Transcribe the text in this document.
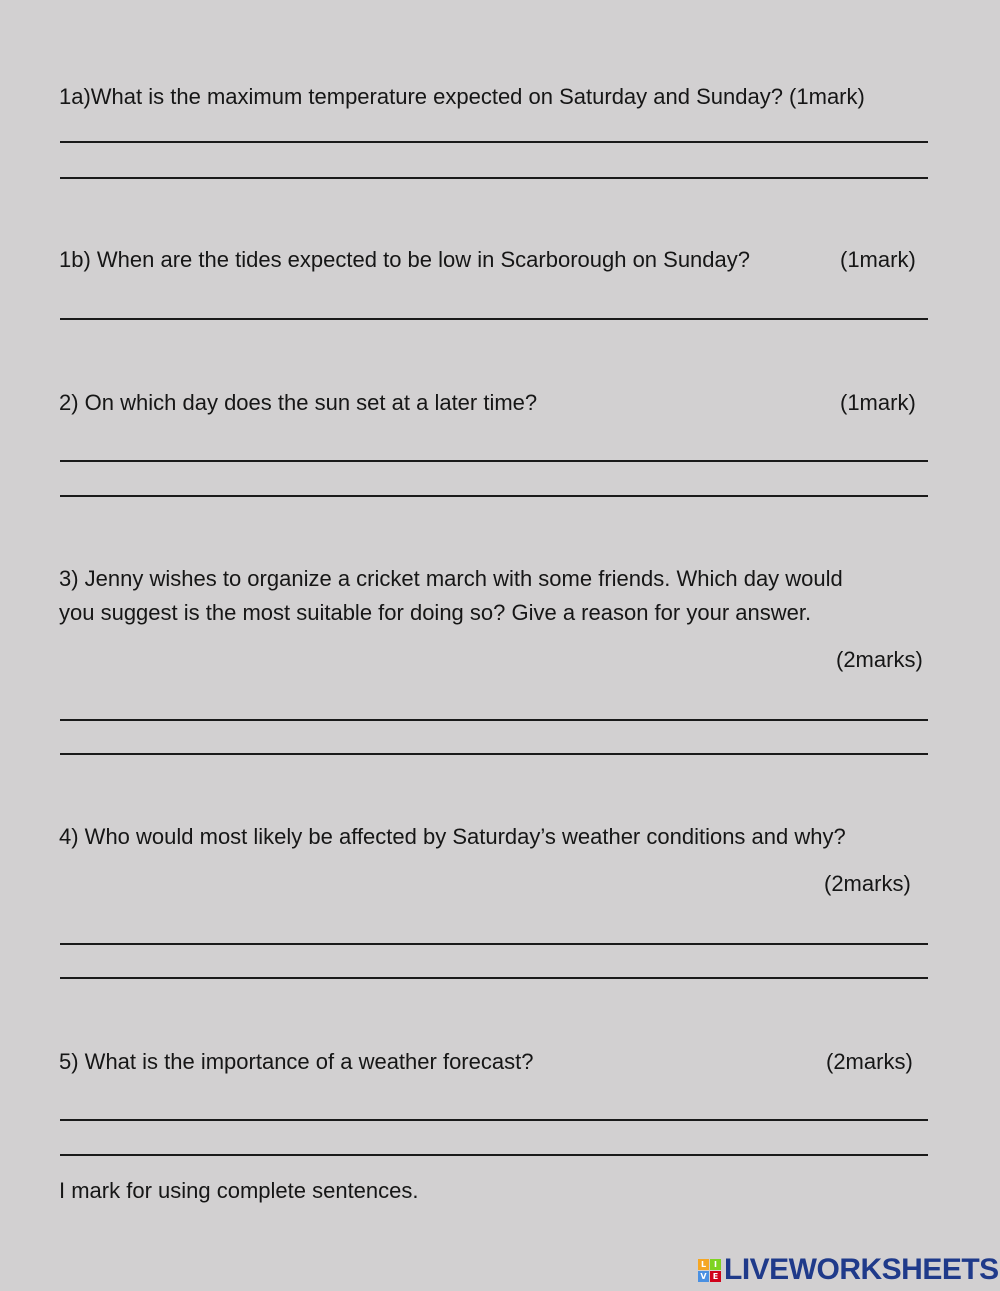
1a)What is the maximum temperature expected on Saturday and Sunday? (1mark)
1b) When are the tides expected to be low in Scarborough on Sunday?	(1mark)
2) On which day does the sun set at a later time?	(1mark)
3) Jenny wishes to organize a cricket march with some friends. Which day would
you suggest is the most suitable for doing so? Give a reason for your answer.
(2marks)
4) Who would most likely be affected by Saturday’s weather conditions and why?
(2marks)
5) What is the importance of a weather forecast?	(2marks)
I mark for using complete sentences.
L I
V E LIVEWORKSHEETS
